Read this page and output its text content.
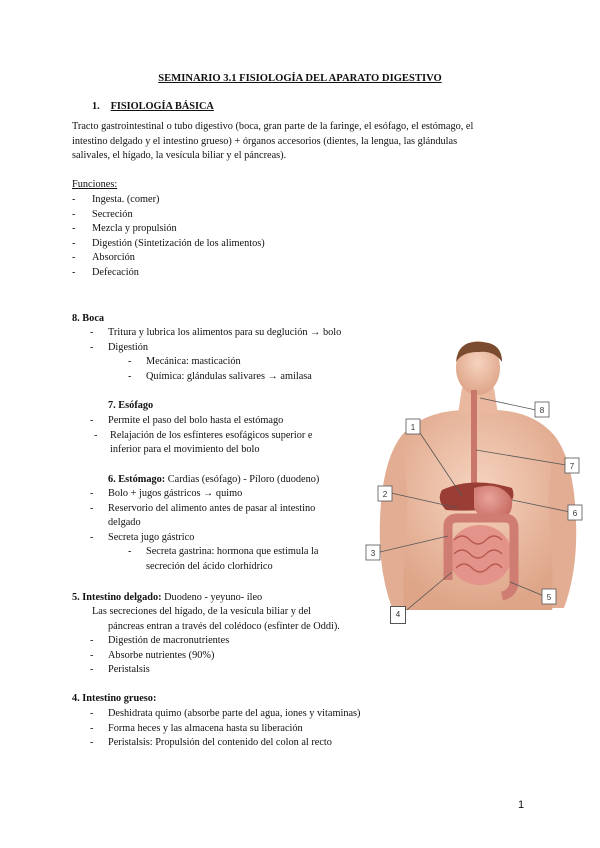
SEMINARIO 3.1 FISIOLOGÍA DEL APARATO DIGESTIVO
1. FISIOLOGÍA BÁSICA
Tracto gastrointestinal o tubo digestivo (boca, gran parte de la faringe, el esófago, el estómago, el
intestino delgado y el intestino grueso) + órganos accesorios (dientes, la lengua, las glándulas
salivales, el hígado, la vesícula biliar y el páncreas).
Funciones:
- Ingesta. (comer)
- Secreción
- Mezcla y propulsión
- Digestión (Sintetización de los alimentos)
- Absorción
- Defecación
8. Boca
- Tritura y lubrica los alimentos para su deglución → bolo
- Digestión
- Mecánica: masticación
- Química: glándulas salivares → amilasa
7. Esófago
- Permite el paso del bolo hasta el estómago
- Relajación de los esfínteres esofágicos superior e
inferior para el movimiento del bolo
6. Estómago: Cardias (esófago) - Píloro (duodeno)
- Bolo + jugos gástricos → quimo
- Reservorio del alimento antes de pasar al intestino
delgado
- Secreta jugo gástrico
- Secreta gastrina: hormona que estimula la
secreción del ácido clorhídrico
5. Intestino delgado: Duodeno - yeyuno- íleo
Las secreciones del hígado, de la vesícula biliar y del
páncreas entran a través del colédoco (esfínter de Oddi).
- Digestión de macronutrientes
- Absorbe nutrientes (90%)
- Peristalsis
4. Intestino grueso:
- Deshidrata quimo (absorbe parte del agua, iones y vitaminas)
- Forma heces y las almacena hasta su liberación
- Peristalsis: Propulsión del contenido del colon al recto
1
2
3
5
6
7
8
4
1
